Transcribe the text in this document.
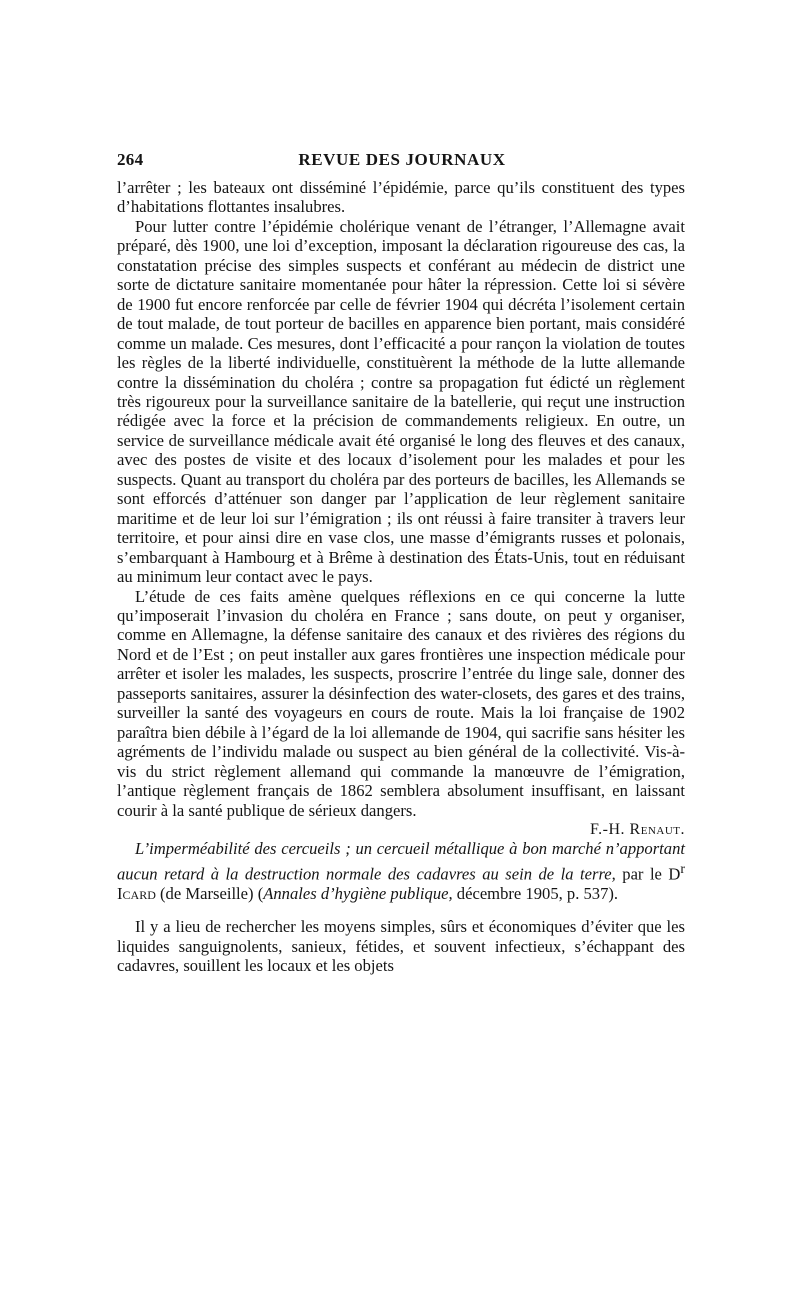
264	REVUE DES JOURNAUX

l’arrêter ; les bateaux ont disséminé l’épidémie, parce qu’ils constituent des types d’habitations flottantes insalubres.

Pour lutter contre l’épidémie cholérique venant de l’étranger, l’Allemagne avait préparé, dès 1900, une loi d’exception, imposant la déclaration rigoureuse des cas, la constatation précise des simples suspects et conférant au médecin de district une sorte de dictature sanitaire momentanée pour hâter la répression. Cette loi si sévère de 1900 fut encore renforcée par celle de février 1904 qui décréta l’isolement certain de tout malade, de tout porteur de bacilles en apparence bien portant, mais considéré comme un malade. Ces mesures, dont l’efficacité a pour rançon la violation de toutes les règles de la liberté individuelle, constituèrent la méthode de la lutte allemande contre la dissémination du choléra ; contre sa propagation fut édicté un règlement très rigoureux pour la surveillance sanitaire de la batellerie, qui reçut une instruction rédigée avec la force et la précision de commandements religieux. En outre, un service de surveillance médicale avait été organisé le long des fleuves et des canaux, avec des postes de visite et des locaux d’isolement pour les malades et pour les suspects. Quant au transport du choléra par des porteurs de bacilles, les Allemands se sont efforcés d’atténuer son danger par l’application de leur règlement sanitaire maritime et de leur loi sur l’émigration ; ils ont réussi à faire transiter à travers leur territoire, et pour ainsi dire en vase clos, une masse d’émigrants russes et polonais, s’embarquant à Hambourg et à Brême à destination des États-Unis, tout en réduisant au minimum leur contact avec le pays.

L’étude de ces faits amène quelques réflexions en ce qui concerne la lutte qu’imposerait l’invasion du choléra en France ; sans doute, on peut y organiser, comme en Allemagne, la défense sanitaire des canaux et des rivières des régions du Nord et de l’Est ; on peut installer aux gares frontières une inspection médicale pour arrêter et isoler les malades, les suspects, proscrire l’entrée du linge sale, donner des passeports sanitaires, assurer la désinfection des water-closets, des gares et des trains, surveiller la santé des voyageurs en cours de route. Mais la loi française de 1902 paraîtra bien débile à l’égard de la loi allemande de 1904, qui sacrifie sans hésiter les agréments de l’individu malade ou suspect au bien général de la collectivité. Vis-à-vis du strict règlement allemand qui commande la manœuvre de l’émigration, l’antique règlement français de 1862 semblera absolument insuffisant, en laissant courir à la santé publique de sérieux dangers.

F.-H. Renaut.

L’imperméabilité des cercueils ; un cercueil métallique à bon marché n’apportant aucun retard à la destruction normale des cadavres au sein de la terre, par le $D^r$ Icard (de Marseille) (Annales d’hygiène publique, décembre 1905, p. 537).

Il y a lieu de rechercher les moyens simples, sûrs et économiques d’éviter que les liquides sanguignolents, sanieux, fétides, et souvent infectieux, s’échappant des cadavres, souillent les locaux et les objets
